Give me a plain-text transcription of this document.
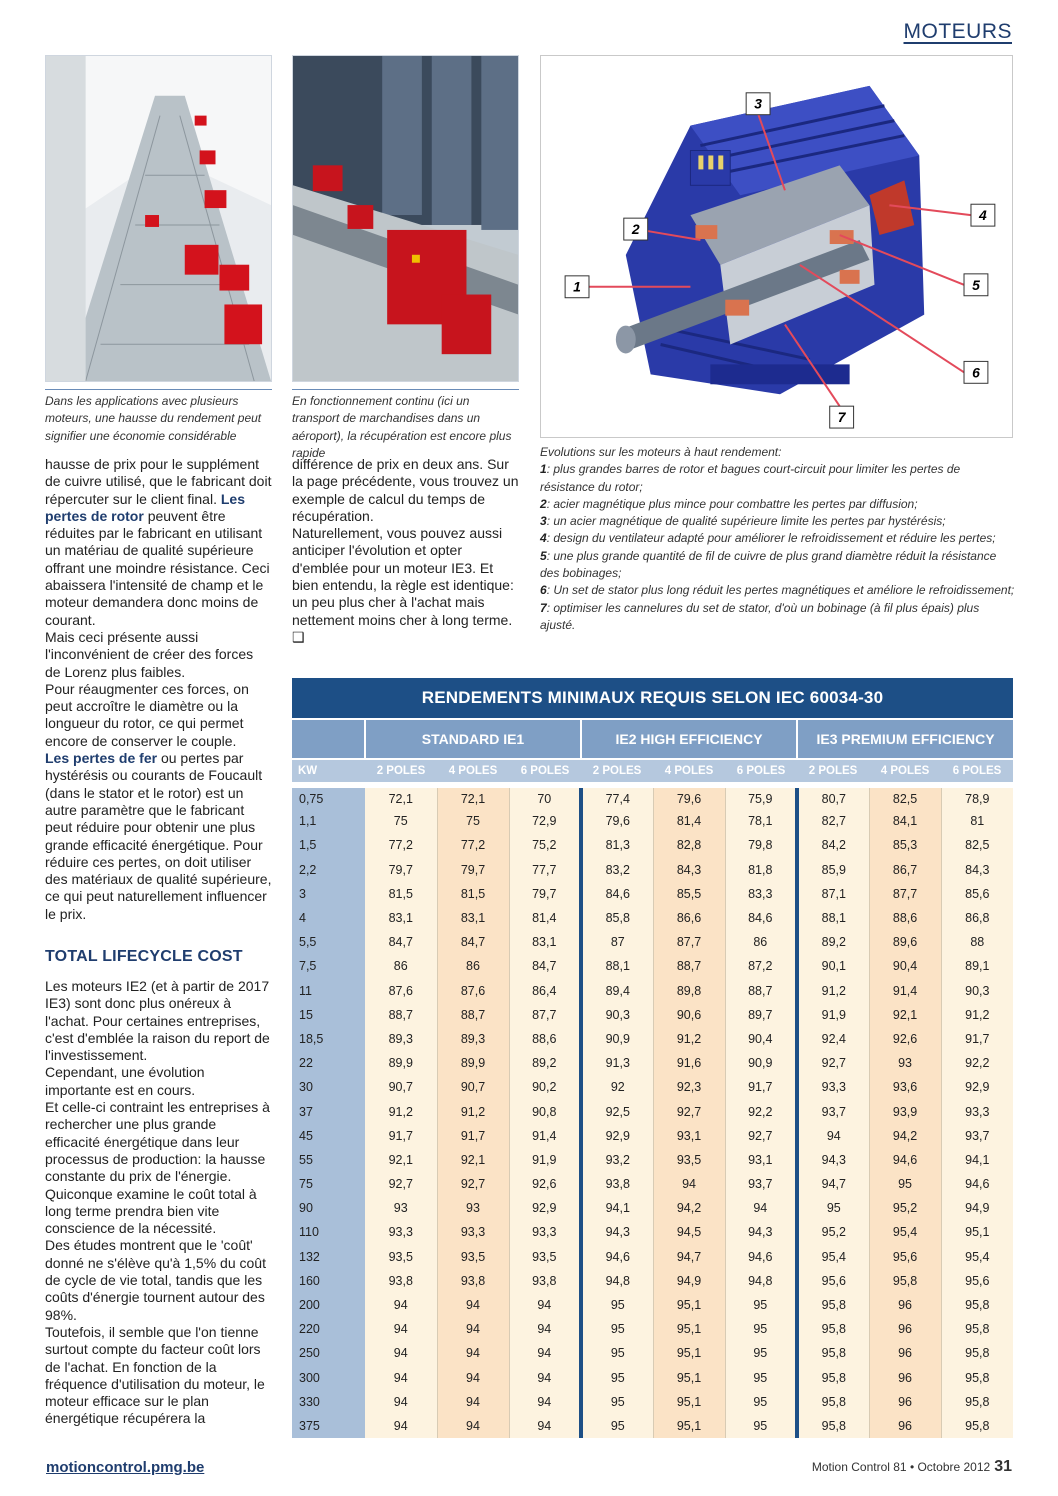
MOTEURS
Dans les applications avec plusieurs moteurs, une hausse du rendement peut signifier une économie considérable
En fonctionnement continu (ici un transport de marchandises dans un aéroport), la récupération est encore plus rapide

hausse de prix pour le supplément de cuivre utilisé, que le fabricant doit répercuter sur le client final. Les pertes de rotor peuvent être réduites par le fabricant en utilisant un matériau de qualité supérieure offrant une moindre résistance. Ceci abaissera l'intensité de champ et le moteur demandera donc moins de courant.

Mais ceci présente aussi l'inconvénient de créer des forces de Lorenz plus faibles.

Pour réaugmenter ces forces, on peut accroître le diamètre ou la longueur du rotor, ce qui permet encore de conserver le couple.

Les pertes de fer ou pertes par hystérésis ou courants de Foucault (dans le stator et le rotor) est un autre paramètre que le fabricant peut réduire pour obtenir une plus grande efficacité énergétique. Pour réduire ces pertes, on doit utiliser des matériaux de qualité supérieure, ce qui peut naturellement influencer le prix.

TOTAL LIFECYCLE COST

Les moteurs IE2 (et à partir de 2017 IE3) sont donc plus onéreux à l'achat. Pour certaines entreprises, c'est d'emblée la raison du report de l'investissement.

Cependant, une évolution importante est en cours.

Et celle-ci contraint les entreprises à rechercher une plus grande efficacité énergétique dans leur processus de production: la hausse constante du prix de l'énergie. Quiconque examine le coût total à long terme prendra bien vite conscience de la nécessité.

Des études montrent que le 'coût' donné ne s'élève qu'à 1,5% du coût de cycle de vie total, tandis que les coûts d'énergie tournent autour des 98%.

Toutefois, il semble que l'on tienne surtout compte du facteur coût lors de l'achat. En fonction de la fréquence d'utilisation du moteur, le moteur efficace sur le plan énergétique récupérera la

différence de prix en deux ans. Sur la page précédente, vous trouvez un exemple de calcul du temps de récupération.

Naturellement, vous pouvez aussi anticiper l'évolution et opter d'emblée pour un moteur IE3. Et bien entendu, la règle est identique: un peu plus cher à l'achat mais nettement moins cher à long terme. ❑

3
2
1
4
5
6
7
Evolutions sur les moteurs à haut rendement:
1: plus grandes barres de rotor et bagues court-circuit pour limiter les pertes de résistance du rotor;
2: acier magnétique plus mince pour combattre les pertes par diffusion;
3: un acier magnétique de qualité supérieure limite les pertes par hystérésis;
4: design du ventilateur adapté pour améliorer le refroidissement et réduire les pertes;
5: une plus grande quantité de fil de cuivre de plus grand diamètre réduit la résistance des bobinages;
6: Un set de stator plus long réduit les pertes magnétiques et améliore le refroidissement;
7: optimiser les cannelures du set de stator, d'où un bobinage (à fil plus épais) plus ajusté.
RENDEMENTS MINIMAUX REQUIS SELON IEC 60034-30
	STANDARD IE1			IE2 HIGH EFFICIENCY			IE3 PREMIUM EFFICIENCY		
KW	2 POLES	4 POLES	6 POLES	2 POLES	4 POLES	6 POLES	2 POLES	4 POLES	6 POLES
0,75	72,1	72,1	70	77,4	79,6	75,9	80,7	82,5	78,9
1,1	75	75	72,9	79,6	81,4	78,1	82,7	84,1	81
1,5	77,2	77,2	75,2	81,3	82,8	79,8	84,2	85,3	82,5
2,2	79,7	79,7	77,7	83,2	84,3	81,8	85,9	86,7	84,3
3	81,5	81,5	79,7	84,6	85,5	83,3	87,1	87,7	85,6
4	83,1	83,1	81,4	85,8	86,6	84,6	88,1	88,6	86,8
5,5	84,7	84,7	83,1	87	87,7	86	89,2	89,6	88
7,5	86	86	84,7	88,1	88,7	87,2	90,1	90,4	89,1
11	87,6	87,6	86,4	89,4	89,8	88,7	91,2	91,4	90,3
15	88,7	88,7	87,7	90,3	90,6	89,7	91,9	92,1	91,2
18,5	89,3	89,3	88,6	90,9	91,2	90,4	92,4	92,6	91,7
22	89,9	89,9	89,2	91,3	91,6	90,9	92,7	93	92,2
30	90,7	90,7	90,2	92	92,3	91,7	93,3	93,6	92,9
37	91,2	91,2	90,8	92,5	92,7	92,2	93,7	93,9	93,3
45	91,7	91,7	91,4	92,9	93,1	92,7	94	94,2	93,7
55	92,1	92,1	91,9	93,2	93,5	93,1	94,3	94,6	94,1
75	92,7	92,7	92,6	93,8	94	93,7	94,7	95	94,6
90	93	93	92,9	94,1	94,2	94	95	95,2	94,9
110	93,3	93,3	93,3	94,3	94,5	94,3	95,2	95,4	95,1
132	93,5	93,5	93,5	94,6	94,7	94,6	95,4	95,6	95,4
160	93,8	93,8	93,8	94,8	94,9	94,8	95,6	95,8	95,6
200	94	94	94	95	95,1	95	95,8	96	95,8
220	94	94	94	95	95,1	95	95,8	96	95,8
250	94	94	94	95	95,1	95	95,8	96	95,8
300	94	94	94	95	95,1	95	95,8	96	95,8
330	94	94	94	95	95,1	95	95,8	96	95,8
375	94	94	94	95	95,1	95	95,8	96	95,8
motioncontrol.pmg.be	Motion Control 81 • Octobre 2012 31
